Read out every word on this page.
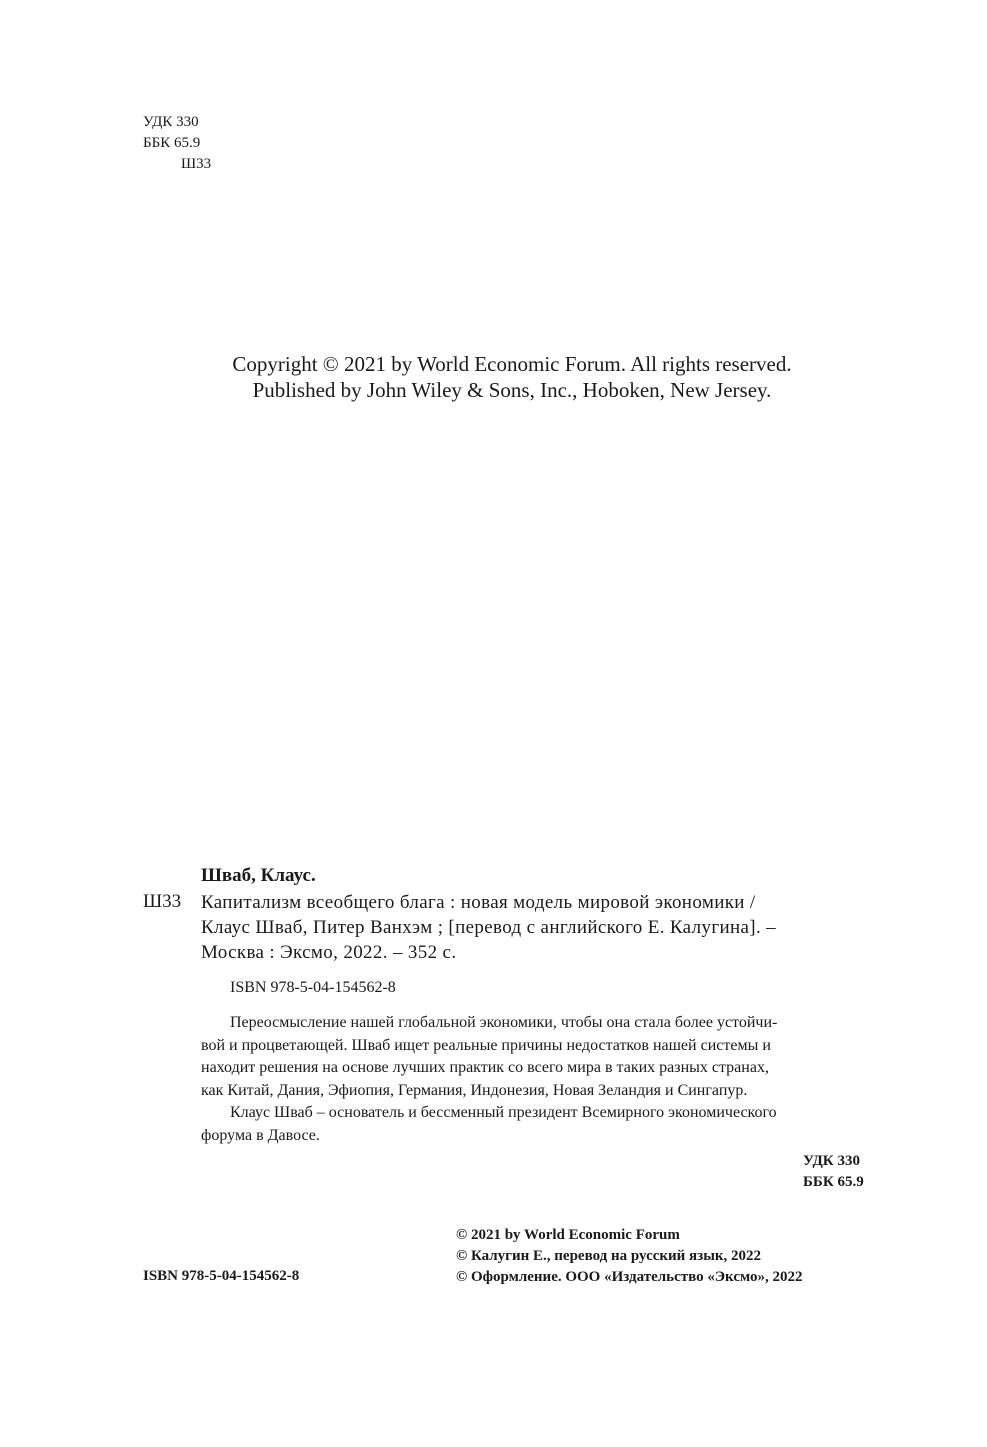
УДК 330
ББК 65.9
Ш33
Copyright © 2021 by World Economic Forum. All rights reserved.
Published by John Wiley & Sons, Inc., Hoboken, New Jersey.
Шваб, Клаус.
Ш33 Капитализм всеобщего блага : новая модель мировой экономики /
Клаус Шваб, Питер Ванхэм ; [перевод с английского Е. Калугина]. –
Москва : Эксмо, 2022. – 352 с.
ISBN 978-5-04-154562-8
Переосмысление нашей глобальной экономики, чтобы она стала более устойчи-
вой и процветающей. Шваб ищет реальные причины недостатков нашей системы и
находит решения на основе лучших практик со всего мира в таких разных странах,
как Китай, Дания, Эфиопия, Германия, Индонезия, Новая Зеландия и Сингапур.
Клаус Шваб – основатель и бессменный президент Всемирного экономического
форума в Давосе.
УДК 330
ББК 65.9
ISBN 978-5-04-154562-8
© 2021 by World Economic Forum
© Калугин Е., перевод на русский язык, 2022
© Оформление. ООО «Издательство «Эксмо», 2022
